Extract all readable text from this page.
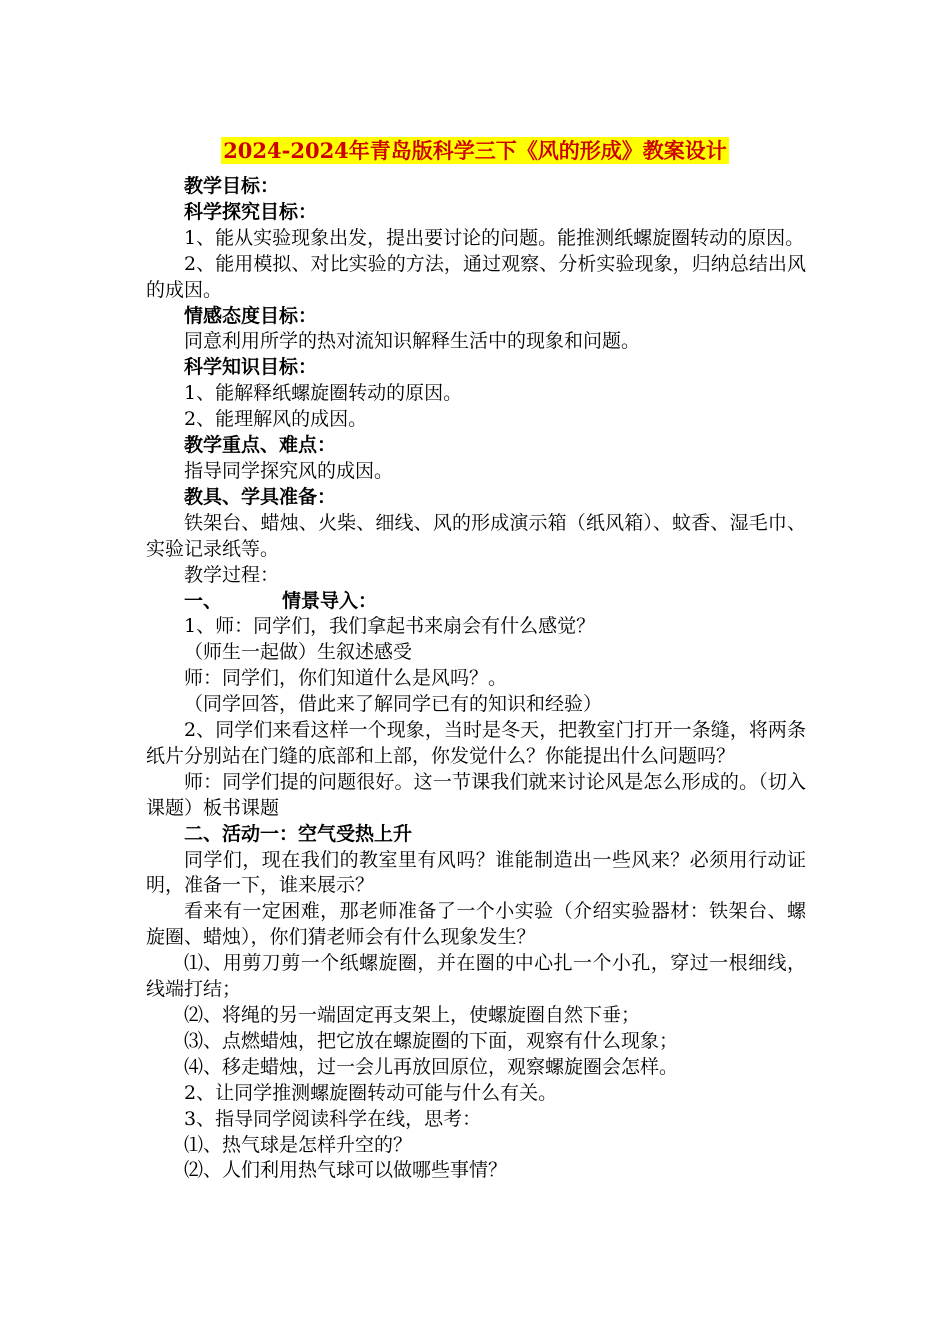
2024-2024年青岛版科学三下《风的形成》教案设计

教学目标：

科学探究目标：

1、能从实验现象出发，提出要讨论的问题。能推测纸螺旋圈转动的原因。

2、能用模拟、对比实验的方法，通过观察、分析实验现象，归纳总结出风的成因。

情感态度目标：

同意利用所学的热对流知识解释生活中的现象和问题。

科学知识目标：

1、能解释纸螺旋圈转动的原因。

2、能理解风的成因。

教学重点、难点：

指导同学探究风的成因。

教具、学具准备：

铁架台、蜡烛、火柴、细线、风的形成演示箱（纸风箱）、蚊香、湿毛巾、实验记录纸等。

教学过程：

一、	情景导入：

1、师：同学们，我们拿起书来扇会有什么感觉？

（师生一起做）生叙述感受

师：同学们，你们知道什么是风吗？。

（同学回答，借此来了解同学已有的知识和经验）

2、同学们来看这样一个现象，当时是冬天，把教室门打开一条缝，将两条纸片分别站在门缝的底部和上部，你发觉什么？你能提出什么问题吗？

师：同学们提的问题很好。这一节课我们就来讨论风是怎么形成的。（切入课题）板书课题

二、活动一：空气受热上升

同学们，现在我们的教室里有风吗？谁能制造出一些风来？必须用行动证明，准备一下，谁来展示？

看来有一定困难，那老师准备了一个小实验（介绍实验器材：铁架台、螺旋圈、蜡烛），你们猜老师会有什么现象发生？

⑴、用剪刀剪一个纸螺旋圈，并在圈的中心扎一个小孔，穿过一根细线，线端打结；

⑵、将绳的另一端固定再支架上，使螺旋圈自然下垂；

⑶、点燃蜡烛，把它放在螺旋圈的下面，观察有什么现象；

⑷、移走蜡烛，过一会儿再放回原位，观察螺旋圈会怎样。

2、让同学推测螺旋圈转动可能与什么有关。

3、指导同学阅读科学在线，思考：

⑴、热气球是怎样升空的？

⑵、人们利用热气球可以做哪些事情？
